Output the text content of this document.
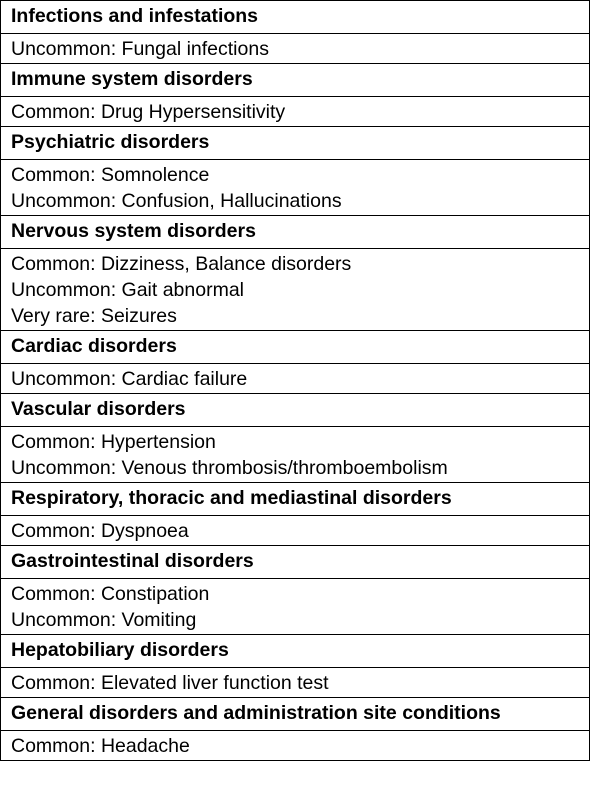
Infections and infestations

Uncommon: Fungal infections

Immune system disorders

Common: Drug Hypersensitivity

Psychiatric disorders

Common: Somnolence
Uncommon: Confusion, Hallucinations

Nervous system disorders

Common: Dizziness, Balance disorders
Uncommon: Gait abnormal
Very rare: Seizures

Cardiac disorders

Uncommon: Cardiac failure

Vascular disorders

Common: Hypertension
Uncommon: Venous thrombosis/thromboembolism

Respiratory, thoracic and mediastinal disorders

Common: Dyspnoea

Gastrointestinal disorders

Common: Constipation
Uncommon: Vomiting

Hepatobiliary disorders

Common: Elevated liver function test

General disorders and administration site conditions

Common: Headache
